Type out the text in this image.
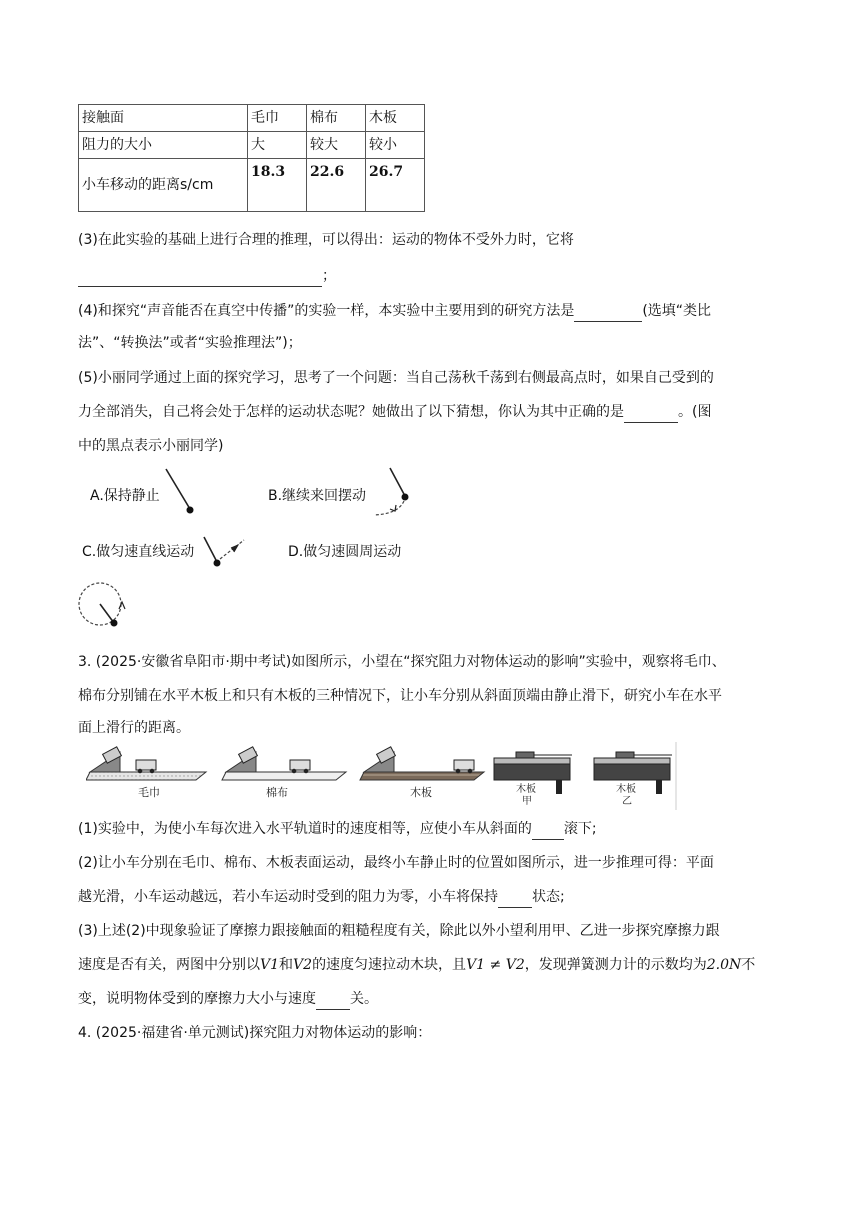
接触面	毛巾	棉布	木板
阻力的大小	大	较大	较小
小车移动的距离s/cm	18.3	22.6	26.7
(3)在此实验的基础上进行合理的推理，可以得出：运动的物体不受外力时，它将
；
(4)和探究“声音能否在真空中传播”的实验一样，本实验中主要用到的研究方法是	(选填“类比
法”、“转换法”或者“实验推理法”)；
(5)小丽同学通过上面的探究学习，思考了一个问题：当自己荡秋千荡到右侧最高点时，如果自己受到的
力全部消失，自己将会处于怎样的运动状态呢？她做出了以下猜想，你认为其中正确的是	。(图
中的黑点表示小丽同学)
A.保持静止	B.继续来回摆动
C.做匀速直线运动	D.做匀速圆周运动
3. (2025·安徽省阜阳市·期中考试)如图所示，小望在“探究阻力对物体运动的影响”实验中，观察将毛巾、
棉布分别铺在水平木板上和只有木板的三种情况下，让小车分别从斜面顶端由静止滑下，研究小车在水平
面上滑行的距离。
毛巾	棉布	木板	木板
甲
木板
乙
(1)实验中，为使小车每次进入水平轨道时的速度相等，应使小车从斜面的 滚下;
(2)让小车分别在毛巾、棉布、木板表面运动，最终小车静止时的位置如图所示，进一步推理可得：平面
越光滑，小车运动越远，若小车运动时受到的阻力为零，小车将保持 状态;
(3)上述(2)中现象验证了摩擦力跟接触面的粗糙程度有关，除此以外小望利用甲、乙进一步探究摩擦力跟
速度是否有关，两图中分别以V1和V2的速度匀速拉动木块，且V1 ≠ V2，发现弹簧测力计的示数均为2.0N不
变，说明物体受到的摩擦力大小与速度 关。
4. (2025·福建省·单元测试)探究阻力对物体运动的影响：
